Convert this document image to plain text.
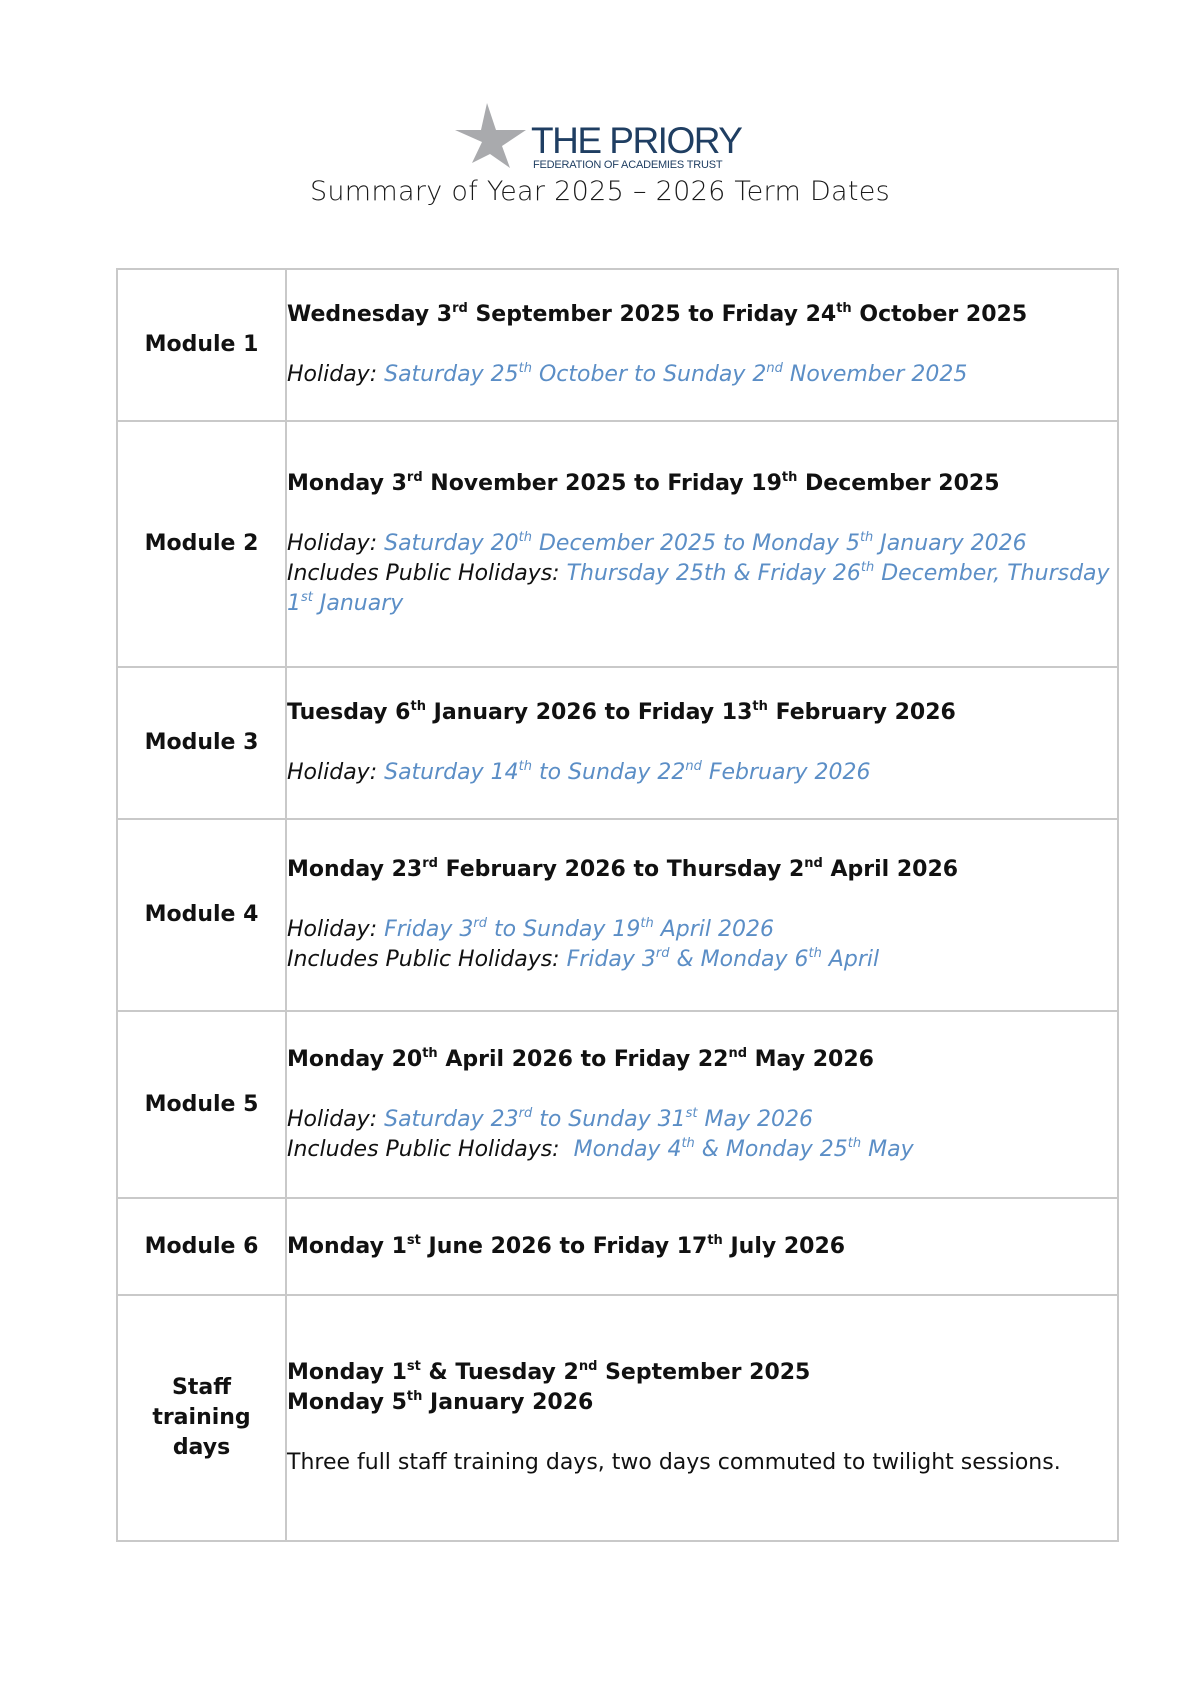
THE PRIORY
FEDERATION OF ACADEMIES TRUST
Summary of Year 2025 – 2026 Term Dates
Module 1	Wednesday 3rd September 2025 to Friday 24th October 2025
Holiday: Saturday 25th October to Sunday 2nd November 2025

Module 2	Monday 3rd November 2025 to Friday 19th December 2025
Holiday: Saturday 20th December 2025 to Monday 5th January 2026
Includes Public Holidays: Thursday 25th & Friday 26th December, Thursday 1st January

Module 3	Tuesday 6th January 2026 to Friday 13th February 2026
Holiday: Saturday 14th to Sunday 22nd February 2026

Module 4	Monday 23rd February 2026 to Thursday 2nd April 2026
Holiday: Friday 3rd to Sunday 19th April 2026
Includes Public Holidays: Friday 3rd & Monday 6th April

Module 5	Monday 20th April 2026 to Friday 22nd May 2026
Holiday: Saturday 23rd to Sunday 31st May 2026
Includes Public Holidays:  Monday 4th & Monday 25th May

Module 6	Monday 1st June 2026 to Friday 17th July 2026

Staff training days	Monday 1st & Tuesday 2nd September 2025
Monday 5th January 2026
Three full staff training days, two days commuted to twilight sessions.
